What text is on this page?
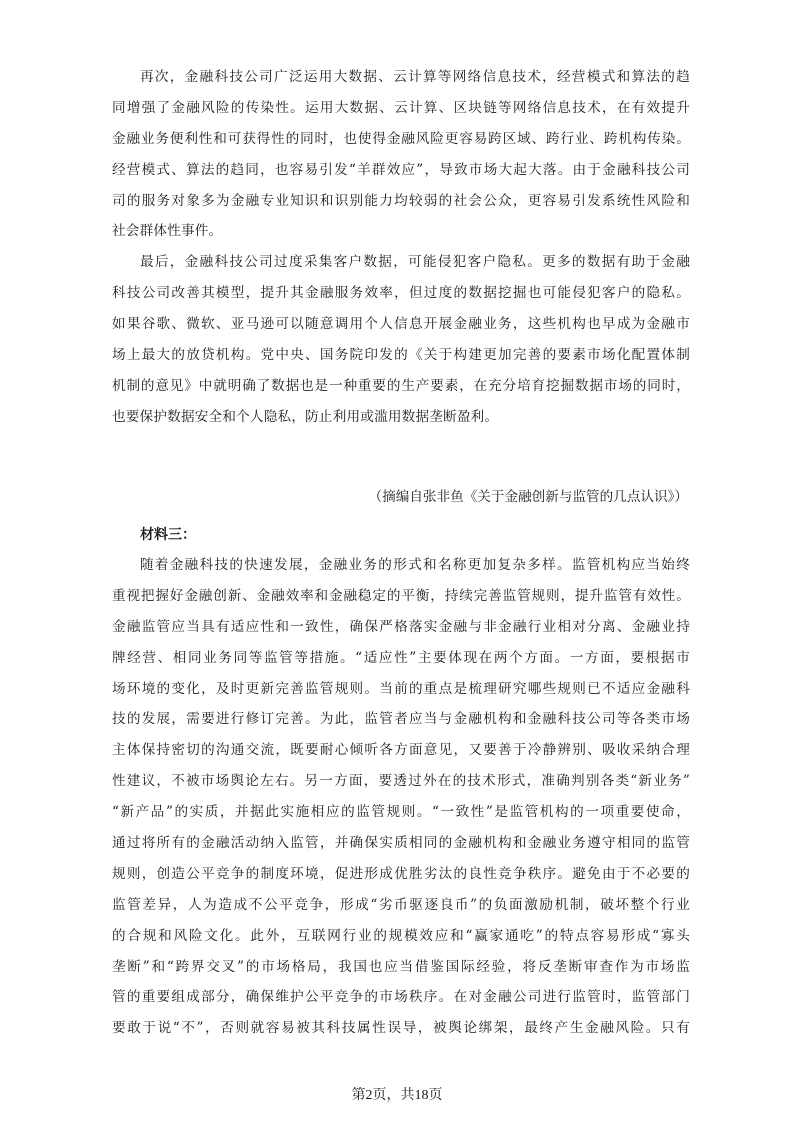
再次，金融科技公司广泛运用大数据、云计算等网络信息技术，经营模式和算法的趋
同增强了金融风险的传染性。运用大数据、云计算、区块链等网络信息技术，在有效提升
金融业务便利性和可获得性的同时，也使得金融风险更容易跨区域、跨行业、跨机构传染。
经营模式、算法的趋同，也容易引发“羊群效应”，导致市场大起大落。由于金融科技公司
司的服务对象多为金融专业知识和识别能力均较弱的社会公众，更容易引发系统性风险和
社会群体性事件。
最后，金融科技公司过度采集客户数据，可能侵犯客户隐私。更多的数据有助于金融
科技公司改善其模型，提升其金融服务效率，但过度的数据挖掘也可能侵犯客户的隐私。
如果谷歌、微软、亚马逊可以随意调用个人信息开展金融业务，这些机构也早成为金融市
场上最大的放贷机构。党中央、国务院印发的《关于构建更加完善的要素市场化配置体制
机制的意见》中就明确了数据也是一种重要的生产要素，在充分培育挖掘数据市场的同时，
也要保护数据安全和个人隐私，防止利用或滥用数据垄断盈利。
（摘编自张非鱼《关于金融创新与监管的几点认识》）
材料三：
随着金融科技的快速发展，金融业务的形式和名称更加复杂多样。监管机构应当始终
重视把握好金融创新、金融效率和金融稳定的平衡，持续完善监管规则，提升监管有效性。
金融监管应当具有适应性和一致性，确保严格落实金融与非金融行业相对分离、金融业持
牌经营、相同业务同等监管等措施。“适应性”主要体现在两个方面。一方面，要根据市
场环境的变化，及时更新完善监管规则。当前的重点是梳理研究哪些规则已不适应金融科
技的发展，需要进行修订完善。为此，监管者应当与金融机构和金融科技公司等各类市场
主体保持密切的沟通交流，既要耐心倾听各方面意见，又要善于冷静辨别、吸收采纳合理
性建议，不被市场舆论左右。另一方面，要透过外在的技术形式，准确判别各类“新业务”
“新产品”的实质，并据此实施相应的监管规则。“一致性”是监管机构的一项重要使命，
通过将所有的金融活动纳入监管，并确保实质相同的金融机构和金融业务遵守相同的监管
规则，创造公平竞争的制度环境，促进形成优胜劣汰的良性竞争秩序。避免由于不必要的
监管差异，人为造成不公平竞争，形成“劣币驱逐良币”的负面激励机制，破坏整个行业
的合规和风险文化。此外，互联网行业的规模效应和“赢家通吃”的特点容易形成“寡头
垄断”和“跨界交叉”的市场格局，我国也应当借鉴国际经验，将反垄断审查作为市场监
管的重要组成部分，确保维护公平竞争的市场秩序。在对金融公司进行监管时，监管部门
要敢于说“不”，否则就容易被其科技属性误导，被舆论绑架，最终产生金融风险。只有
第2页，共18页
